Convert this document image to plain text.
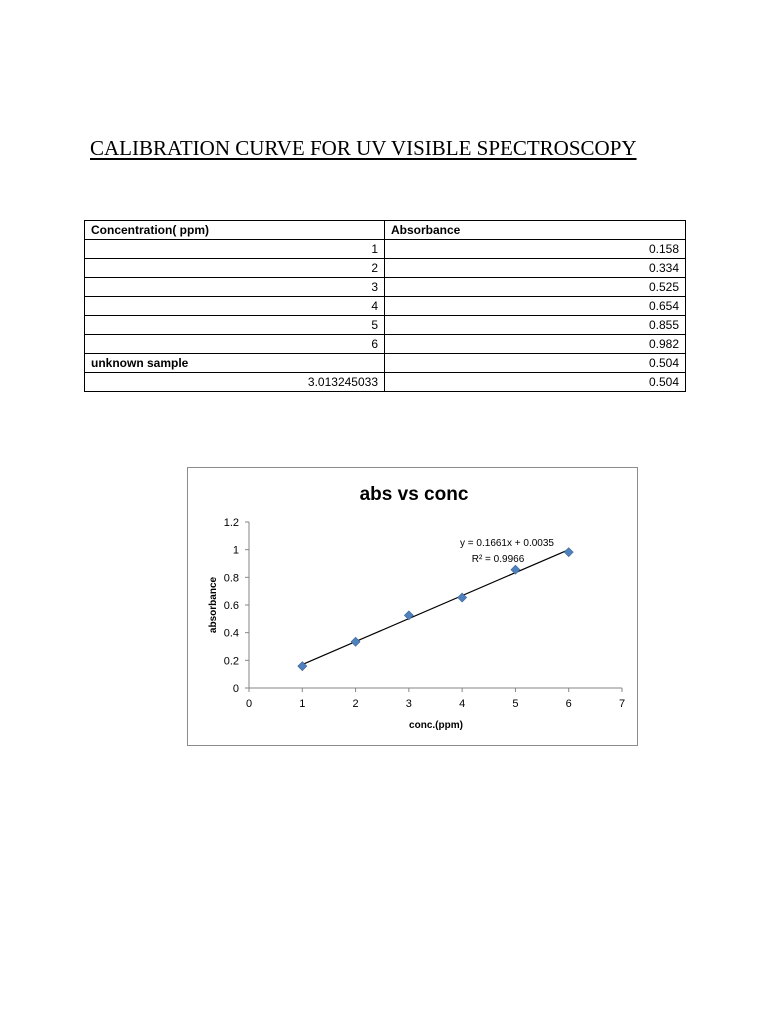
CALIBRATION CURVE FOR UV VISIBLE SPECTROSCOPY
Concentration( ppm)	Absorbance
1	0.158
2	0.334
3	0.525
4	0.654
5	0.855
6	0.982
unknown sample	0.504
3.013245033	0.504
abs vs conc
absorbance
conc.(ppm)
y = 0.1661x + 0.0035
R² = 0.9966
0
0.2
0.4
0.6
0.8
1
1.2
0	1	2	3	4	5	6	7
